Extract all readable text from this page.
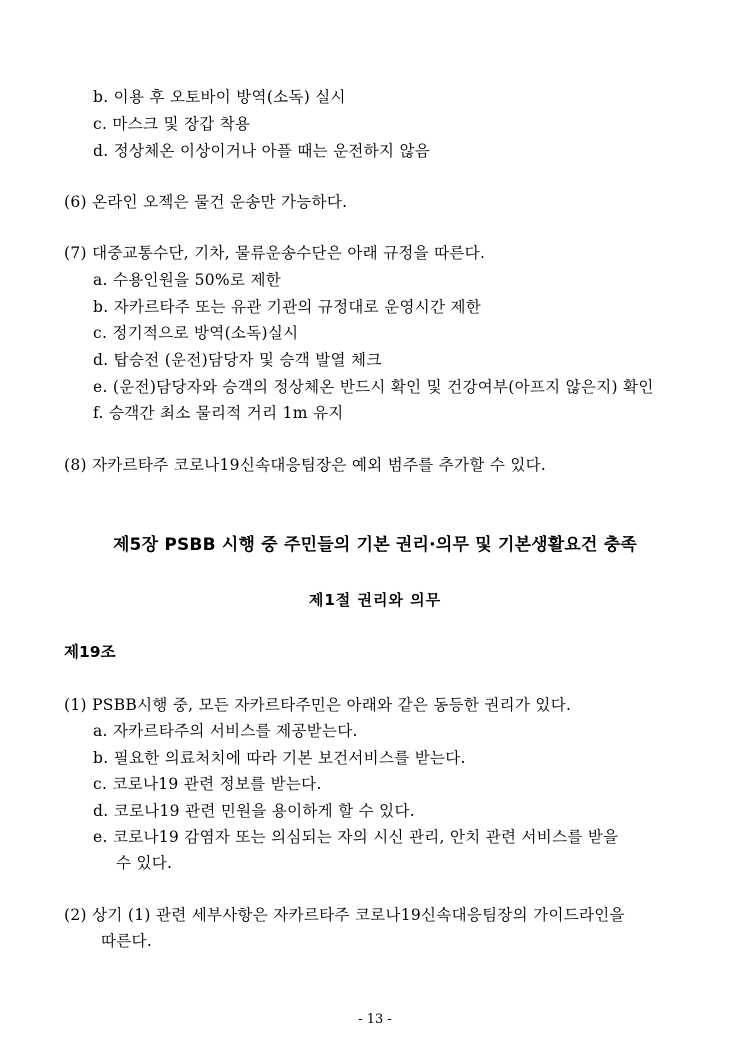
b. 이용 후 오토바이 방역(소독) 실시
c. 마스크 및 장갑 착용
d. 정상체온 이상이거나 아플 때는 운전하지 않음
(6) 온라인 오젝은 물건 운송만 가능하다.
(7) 대중교통수단, 기차, 물류운송수단은 아래 규정을 따른다.
a. 수용인원을 50%로 제한
b. 자카르타주 또는 유관 기관의 규정대로 운영시간 제한
c. 정기적으로 방역(소독)실시
d. 탑승전 (운전)담당자 및 승객 발열 체크
e. (운전)담당자와 승객의 정상체온 반드시 확인 및 건강여부(아프지 않은지) 확인
f. 승객간 최소 물리적 거리 1m 유지
(8) 자카르타주 코로나19신속대응팀장은 예외 범주를 추가할 수 있다.
제5장 PSBB 시행 중 주민들의 기본 권리·의무 및 기본생활요건 충족
제1절 권리와 의무
제19조
(1) PSBB시행 중, 모든 자카르타주민은 아래와 같은 동등한 권리가 있다.
a. 자카르타주의 서비스를 제공받는다.
b. 필요한 의료처치에 따라 기본 보건서비스를 받는다.
c. 코로나19 관련 정보를 받는다.
d. 코로나19 관련 민원을 용이하게 할 수 있다.
e. 코로나19 감염자 또는 의심되는 자의 시신 관리, 안치 관련 서비스를 받을
수 있다.
(2) 상기 (1) 관련 세부사항은 자카르타주 코로나19신속대응팀장의 가이드라인을
따른다.
- 13 -
